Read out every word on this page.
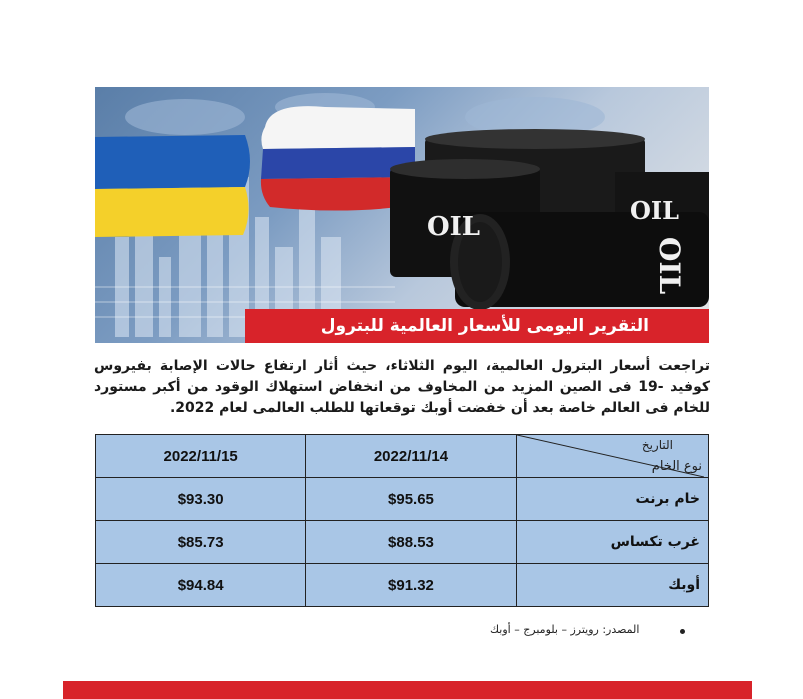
OIL
OIL
OIL
التقرير اليومى للأسعار العالمية للبترول

تراجعت أسعار البترول العالمية، اليوم الثلاثاء، حيث أثار ارتفاع حالات الإصابة بفيروس كوفيد -19 فى الصين المزيد من المخاوف من انخفاض استهلاك الوقود من أكبر مستورد للخام فى العالم خاصة بعد أن خفضت أوبك توقعاتها للطلب العالمى لعام 2022.

التاريخ
نوع الخام	2022/11/14	2022/11/15
خام برنت	$95.65	$93.30
غرب تكساس	$88.53	$85.73
أوبك	$91.32	$94.84
المصدر: رويترز – بلومبرج – أوبك
